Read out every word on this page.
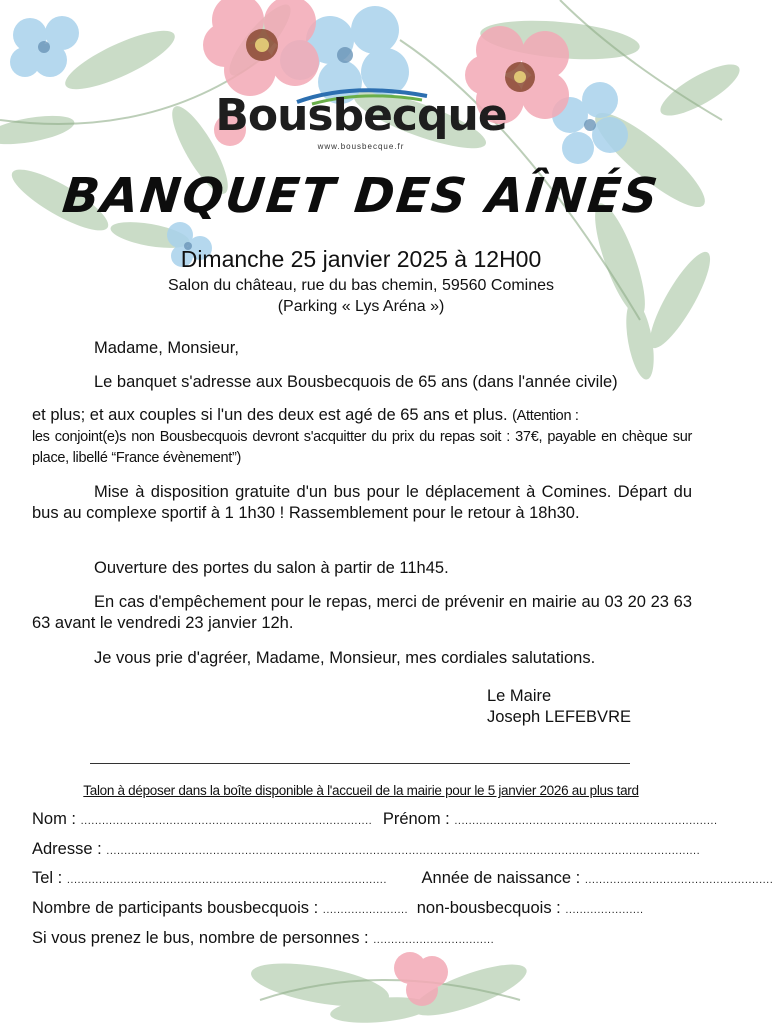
Bousbecque
www.bousbecque.fr
BANQUET DES AÎNÉS
Dimanche 25 janvier 2025 à 12H00
Salon du château, rue du bas chemin, 59560 Comines
(Parking « Lys Aréna »)
Madame, Monsieur,
Le banquet s'adresse aux Bousbecquois de 65 ans (dans l'année civile)
et plus; et aux couples si l'un des deux est agé de 65 ans et plus. (Attention :
les conjoint(e)s non Bousbecquois devront s'acquitter du prix du repas soit : 37€, payable en chèque sur place, libellé “France évènement”)
Mise à disposition gratuite d'un bus pour le déplacement à Comines. Départ du bus au complexe sportif à 1 1h30 ! Rassemblement pour le retour à 18h30.
Ouverture des portes du salon à partir de 11h45.
En cas d'empêchement pour le repas, merci de prévenir en mairie au 03 20 23 63 63 avant le vendredi 23 janvier 12h.
Je vous prie d'agréer, Madame, Monsieur, mes cordiales salutations.
Le Maire
Joseph LEFEBVRE
Talon à déposer dans la boîte disponible à l'accueil de la mairie pour le 5 janvier 2026 au plus tard
Nom : .................................................................................. Prénom : ..........................................................................
Adresse : .......................................................................................................................................................................
Tel : .......................................................................................... Année de naissance : .....................................................
Nombre de participants bousbecquois : ........................ non-bousbecquois : ......................
Si vous prenez le bus, nombre de personnes : ..................................
